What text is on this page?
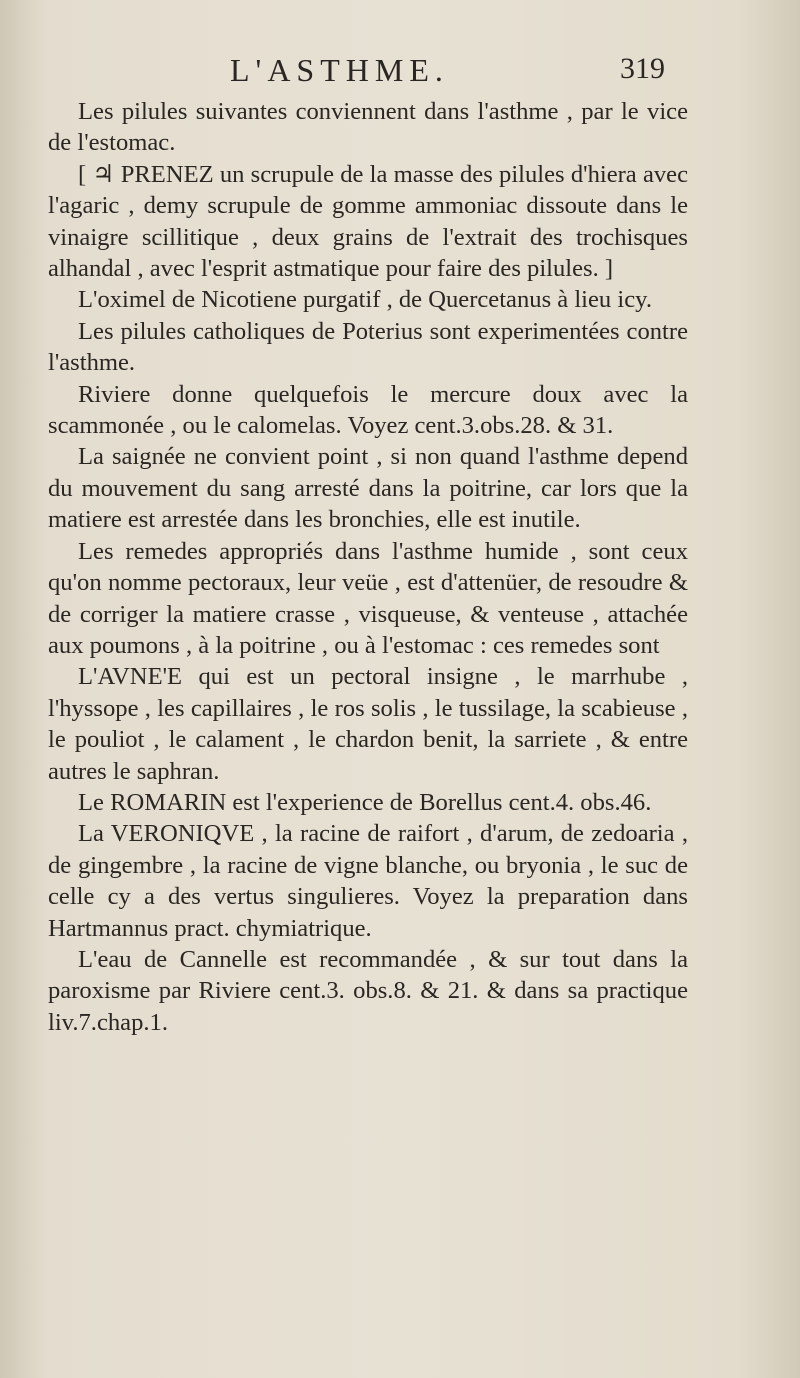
L'ASTHME.	319

Les pilules suivantes conviennent dans l'asthme , par le vice de l'estomac.

[ ♃ PRENEZ un scrupule de la masse des pilules d'hiera avec l'agaric , demy scrupule de gomme ammoniac dissoute dans le vinaigre scillitique , deux grains de l'extrait des trochisques alhandal , avec l'esprit astmatique pour faire des pilules. ]

L'oximel de Nicotiene purgatif , de Quercetanus à lieu icy.

Les pilules catholiques de Poterius sont experimentées contre l'asthme.

Riviere donne quelquefois le mercure doux avec la scammonée , ou le calomelas. Voyez cent.3.obs.28. & 31.

La saignée ne convient point , si non quand l'asthme depend du mouvement du sang arresté dans la poitrine, car lors que la matiere est arrestée dans les bronchies, elle est inutile.

Les remedes appropriés dans l'asthme humide , sont ceux qu'on nomme pectoraux, leur veüe , est d'attenüer, de resoudre & de corriger la matiere crasse , visqueuse, & venteuse , attachée aux poumons , à la poitrine , ou à l'estomac : ces remedes sont

L'AVNE'E qui est un pectoral insigne , le marrhube , l'hyssope , les capillaires , le ros solis , le tussilage, la scabieuse , le pouliot , le calament , le chardon benit, la sarriete , & entre autres le saphran.

Le ROMARIN est l'experience de Borellus cent.4. obs.46.

La VERONIQVE , la racine de raifort , d'arum, de zedoaria , de gingembre , la racine de vigne blanche, ou bryonia , le suc de celle cy a des vertus singulieres. Voyez la preparation dans Hartmannus pract. chymiatrique.

L'eau de Cannelle est recommandée , & sur tout dans la paroxisme par Riviere cent.3. obs.8. & 21. & dans sa practique liv.7.chap.1.
